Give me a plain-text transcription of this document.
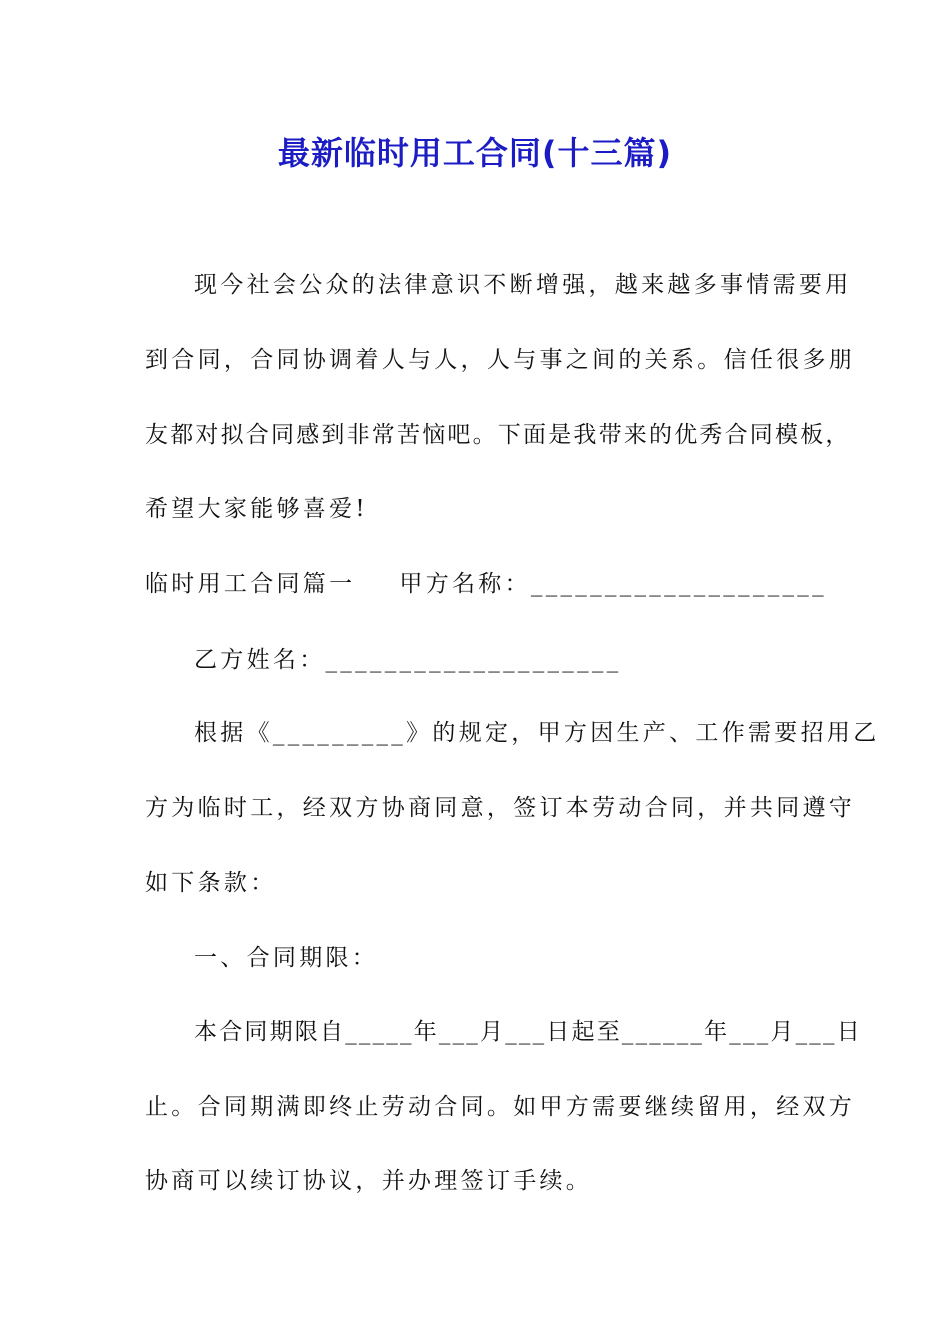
最新临时用工合同(十三篇)
现今社会公众的法律意识不断增强，越来越多事情需要用
到合同，合同协调着人与人，人与事之间的关系。信任很多朋
友都对拟合同感到非常苦恼吧。下面是我带来的优秀合同模板，
希望大家能够喜爱!
临时用工合同篇一 甲方名称：____________________
乙方姓名：____________________
根据《_________》的规定，甲方因生产、工作需要招用乙
方为临时工，经双方协商同意，签订本劳动合同，并共同遵守
如下条款：
一、合同期限：
本合同期限自_____年___月___日起至______年___月___日
止。合同期满即终止劳动合同。如甲方需要继续留用，经双方
协商可以续订协议，并办理签订手续。
